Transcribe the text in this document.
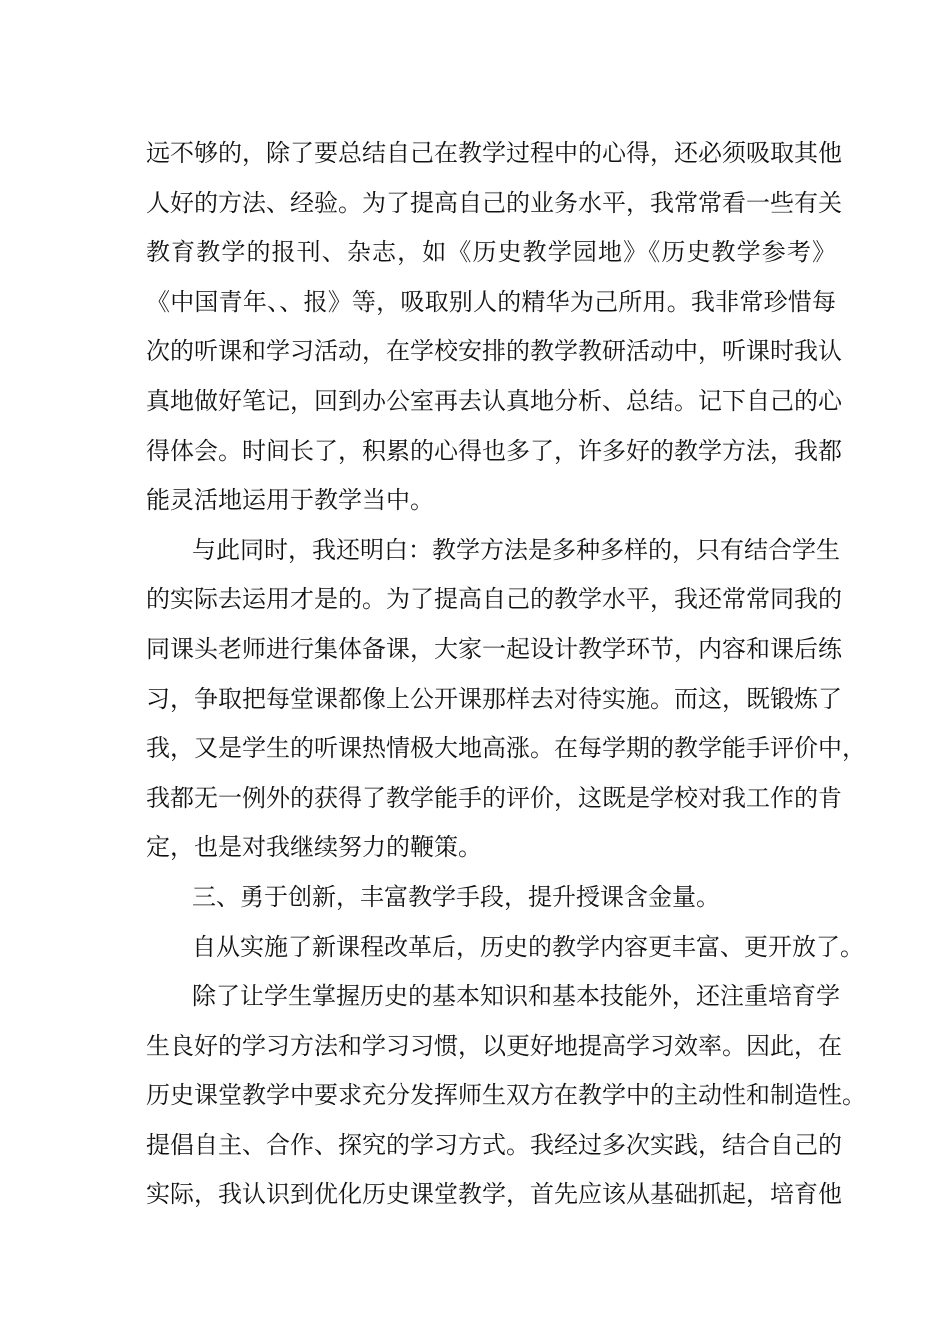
远不够的，除了要总结自己在教学过程中的心得，还必须吸取其他
人好的方法、经验。为了提高自己的业务水平，我常常看一些有关
教育教学的报刊、杂志，如《历史教学园地》《历史教学参考》
《中国青年、、报》等，吸取别人的精华为己所用。我非常珍惜每
次的听课和学习活动，在学校安排的教学教研活动中，听课时我认
真地做好笔记，回到办公室再去认真地分析、总结。记下自己的心
得体会。时间长了，积累的心得也多了，许多好的教学方法，我都
能灵活地运用于教学当中。
与此同时，我还明白：教学方法是多种多样的，只有结合学生
的实际去运用才是的。为了提高自己的教学水平，我还常常同我的
同课头老师进行集体备课，大家一起设计教学环节，内容和课后练
习，争取把每堂课都像上公开课那样去对待实施。而这，既锻炼了
我，又是学生的听课热情极大地高涨。在每学期的教学能手评价中，
我都无一例外的获得了教学能手的评价，这既是学校对我工作的肯
定，也是对我继续努力的鞭策。
三、勇于创新，丰富教学手段，提升授课含金量。
自从实施了新课程改革后，历史的教学内容更丰富、更开放了。
除了让学生掌握历史的基本知识和基本技能外，还注重培育学
生良好的学习方法和学习习惯，以更好地提高学习效率。因此，在
历史课堂教学中要求充分发挥师生双方在教学中的主动性和制造性。
提倡自主、合作、探究的学习方式。我经过多次实践，结合自己的
实际，我认识到优化历史课堂教学，首先应该从基础抓起，培育他
